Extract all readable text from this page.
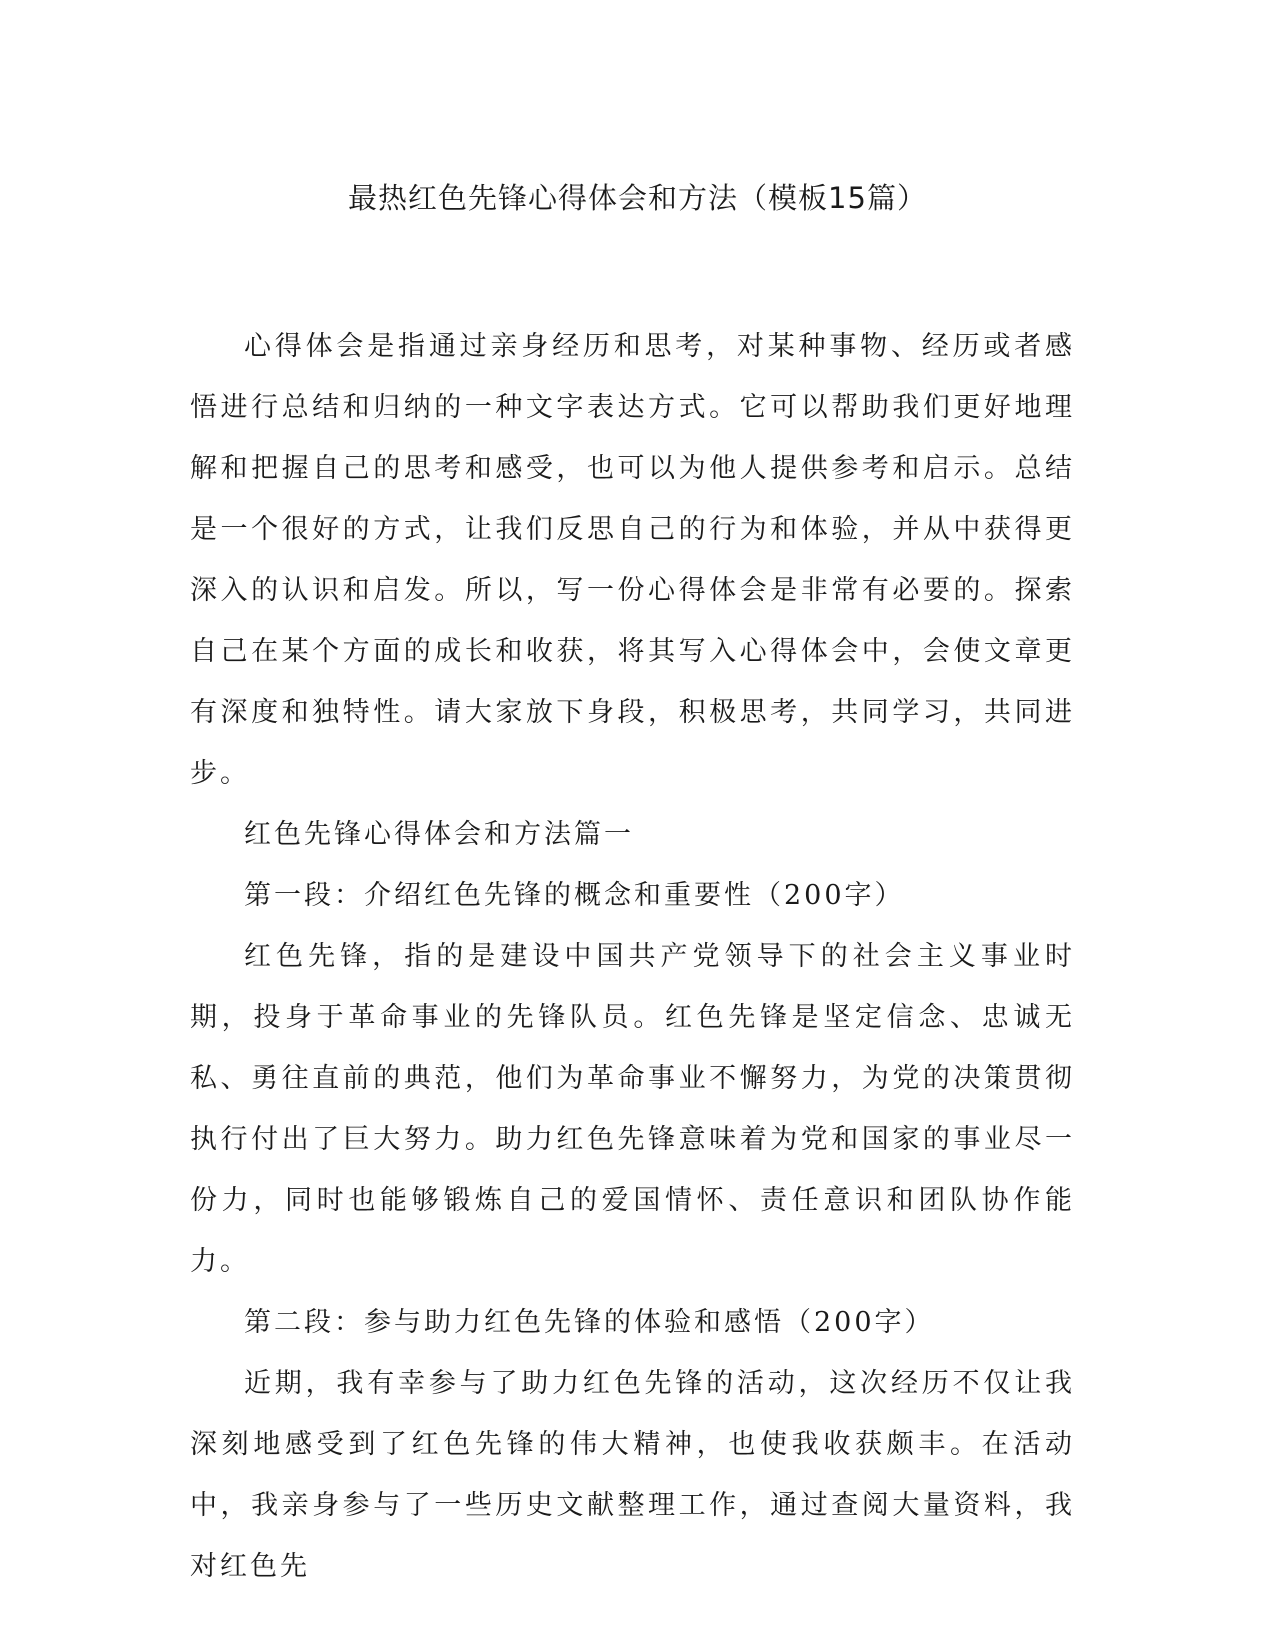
最热红色先锋心得体会和方法（模板15篇）

心得体会是指通过亲身经历和思考，对某种事物、经历或者感悟进行总结和归纳的一种文字表达方式。它可以帮助我们更好地理解和把握自己的思考和感受，也可以为他人提供参考和启示。总结是一个很好的方式，让我们反思自己的行为和体验，并从中获得更深入的认识和启发。所以，写一份心得体会是非常有必要的。探索自己在某个方面的成长和收获，将其写入心得体会中，会使文章更有深度和独特性。请大家放下身段，积极思考，共同学习，共同进步。

红色先锋心得体会和方法篇一

第一段：介绍红色先锋的概念和重要性（200字）

红色先锋，指的是建设中国共产党领导下的社会主义事业时期，投身于革命事业的先锋队员。红色先锋是坚定信念、忠诚无私、勇往直前的典范，他们为革命事业不懈努力，为党的决策贯彻执行付出了巨大努力。助力红色先锋意味着为党和国家的事业尽一份力，同时也能够锻炼自己的爱国情怀、责任意识和团队协作能力。

第二段：参与助力红色先锋的体验和感悟（200字）

近期，我有幸参与了助力红色先锋的活动，这次经历不仅让我深刻地感受到了红色先锋的伟大精神，也使我收获颇丰。在活动中，我亲身参与了一些历史文献整理工作，通过查阅大量资料，我对红色先
